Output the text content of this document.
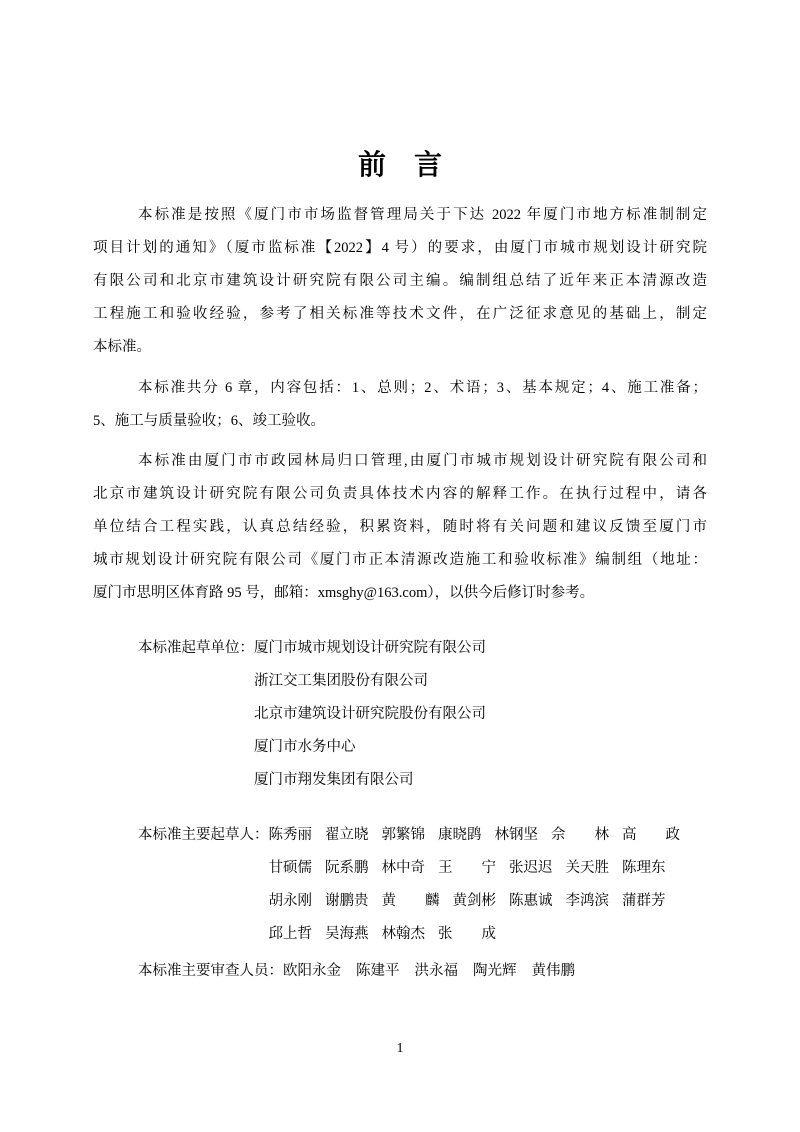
前　言
本标准是按照《厦门市市场监督管理局关于下达 2022 年厦门市地方标准制制定
项目计划的通知》（厦市监标准【2022】4 号）的要求，由厦门市城市规划设计研究院
有限公司和北京市建筑设计研究院有限公司主编。编制组总结了近年来正本清源改造
工程施工和验收经验，参考了相关标准等技术文件，在广泛征求意见的基础上，制定
本标准。
本标准共分 6 章，内容包括：1、总则；2、术语；3、基本规定；4、施工准备；
5、施工与质量验收；6、竣工验收。
本标准由厦门市市政园林局归口管理,由厦门市城市规划设计研究院有限公司和
北京市建筑设计研究院有限公司负责具体技术内容的解释工作。在执行过程中，请各
单位结合工程实践，认真总结经验，积累资料，随时将有关问题和建议反馈至厦门市
城市规划设计研究院有限公司《厦门市正本清源改造施工和验收标准》编制组（地址：
厦门市思明区体育路 95 号，邮箱：xmsghy@163.com），以供今后修订时参考。
本标准起草单位： 厦门市城市规划设计研究院有限公司
浙江交工集团股份有限公司
北京市建筑设计研究院股份有限公司
厦门市水务中心
厦门市翔发集团有限公司
本标准主要起草人： 陈秀丽 翟立晓 郭繁锦 康晓鹍 林钢坚 佘　　林 高　　政
甘硕儒 阮系鹏 林中奇 王　　宁 张迟迟 关天胜 陈理东
胡永刚 谢鹏贵 黄　　麟 黄剑彬 陈惠诚 李鸿滨 蒲群芳
邱上哲 吴海燕 林翰杰 张　　成
本标准主要审查人员： 欧阳永金 陈建平 洪永福 陶光辉 黄伟鹏
1
